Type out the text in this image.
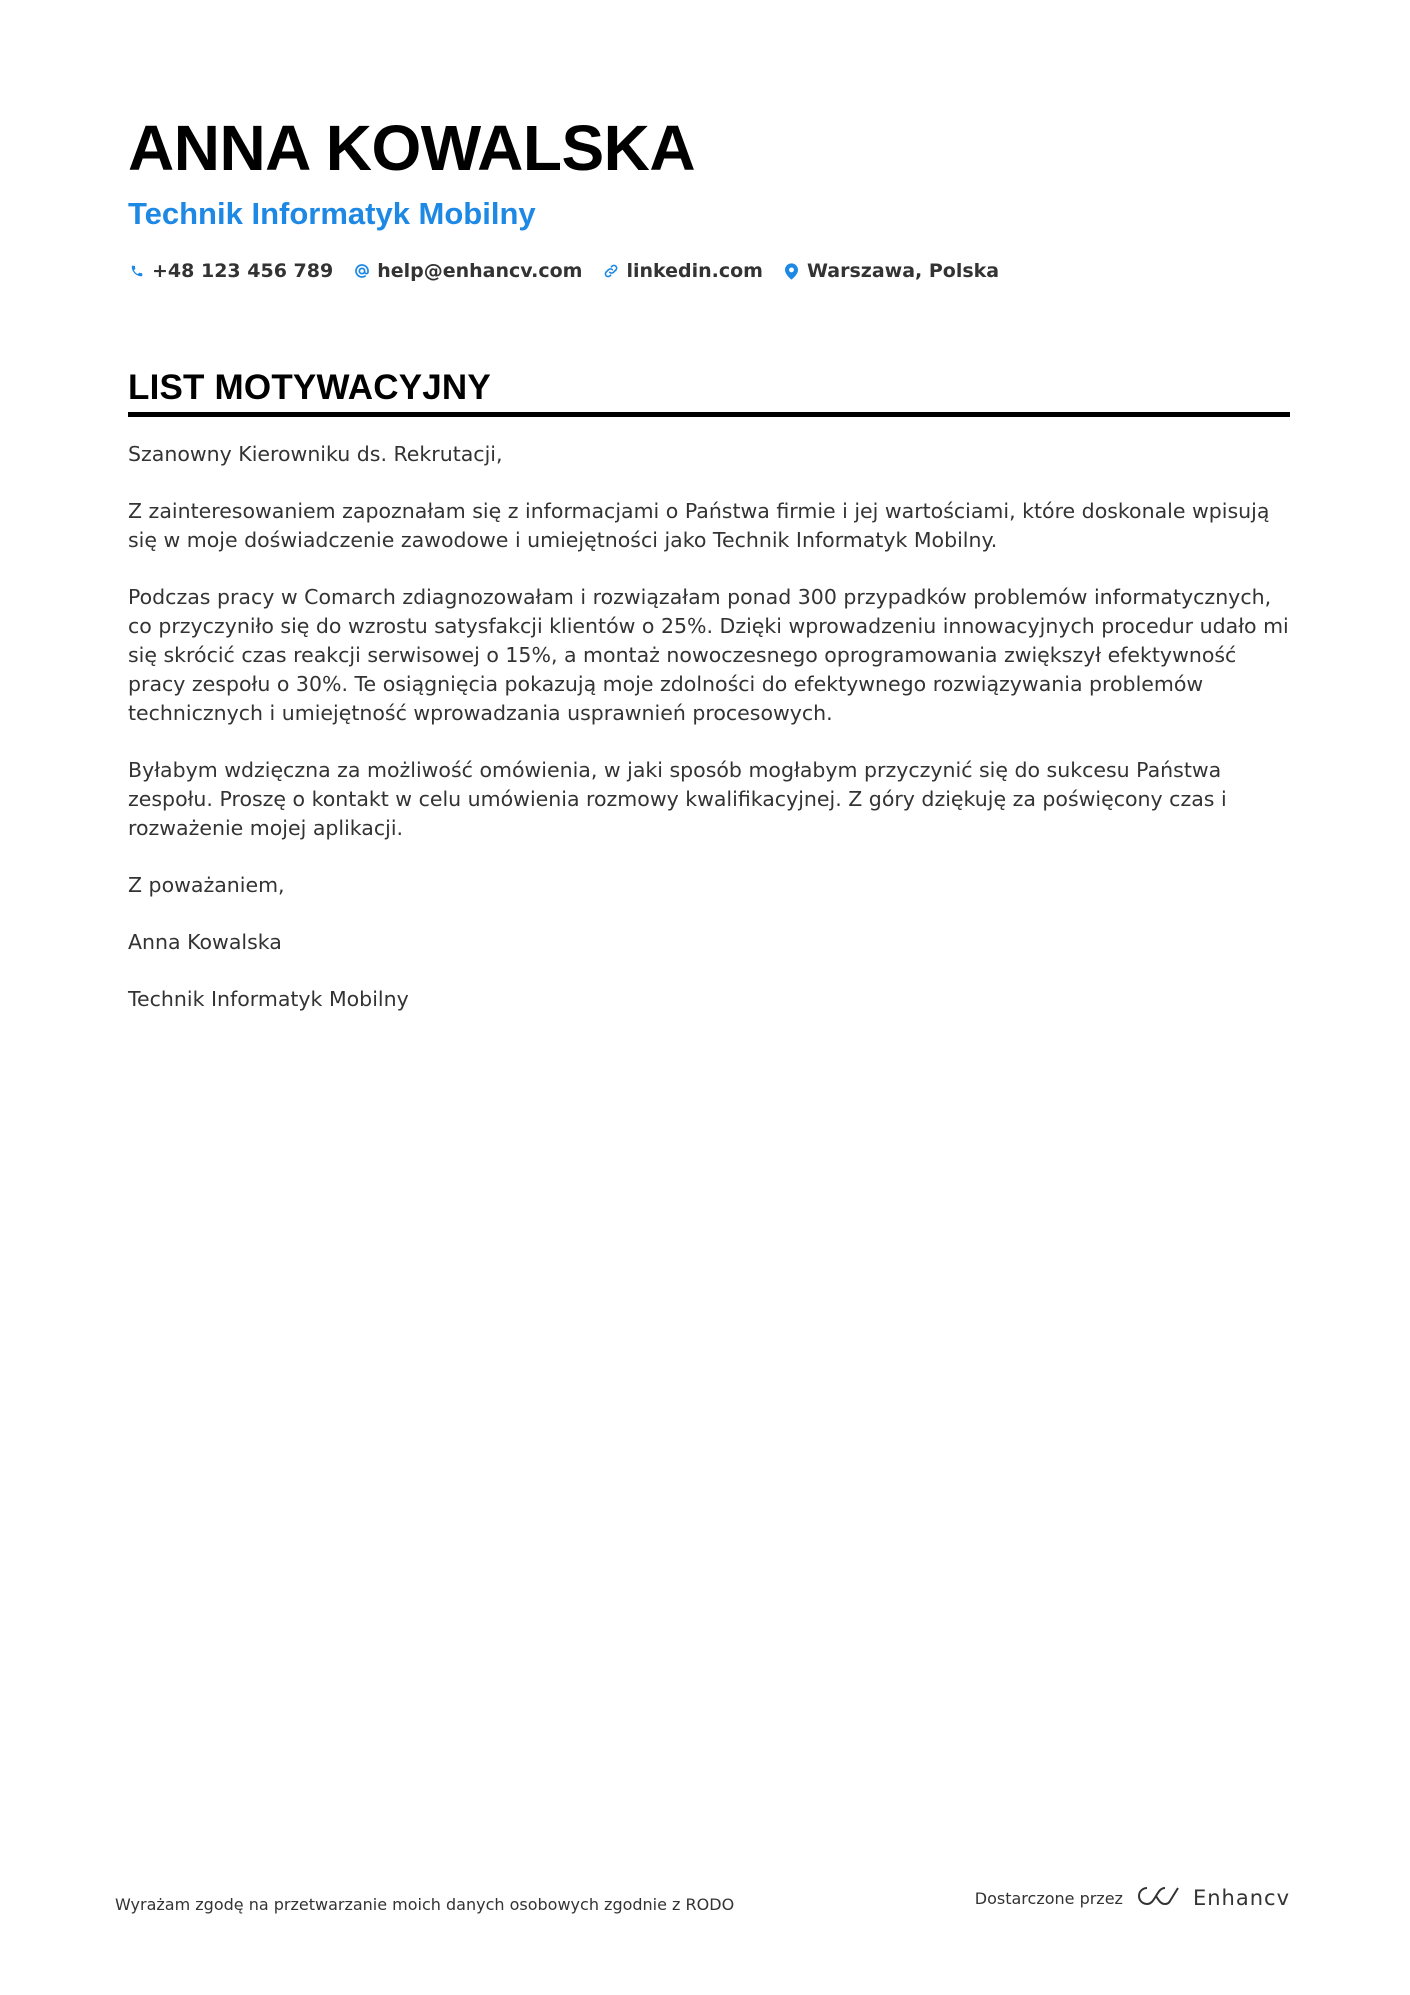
ANNA KOWALSKA
Technik Informatyk Mobilny
+48 123 456 789 help@enhancv.com linkedin.com Warszawa, Polska
LIST MOTYWACYJNY

Szanowny Kierowniku ds. Rekrutacji,

Z zainteresowaniem zapoznałam się z informacjami o Państwa firmie i jej wartościami, które doskonale wpisują się w moje doświadczenie zawodowe i umiejętności jako Technik Informatyk Mobilny.

Podczas pracy w Comarch zdiagnozowałam i rozwiązałam ponad 300 przypadków problemów informatycznych, co przyczyniło się do wzrostu satysfakcji klientów o 25%. Dzięki wprowadzeniu innowacyjnych procedur udało mi się skrócić czas reakcji serwisowej o 15%, a montaż nowoczesnego oprogramowania zwiększył efektywność pracy zespołu o 30%. Te osiągnięcia pokazują moje zdolności do efektywnego rozwiązywania problemów technicznych i umiejętność wprowadzania usprawnień procesowych.

Byłabym wdzięczna za możliwość omówienia, w jaki sposób mogłabym przyczynić się do sukcesu Państwa zespołu. Proszę o kontakt w celu umówienia rozmowy kwalifikacyjnej. Z góry dziękuję za poświęcony czas i rozważenie mojej aplikacji.

Z poważaniem,

Anna Kowalska

Technik Informatyk Mobilny

Wyrażam zgodę na przetwarzanie moich danych osobowych zgodnie z RODO	Dostarczone przez	Enhancv
